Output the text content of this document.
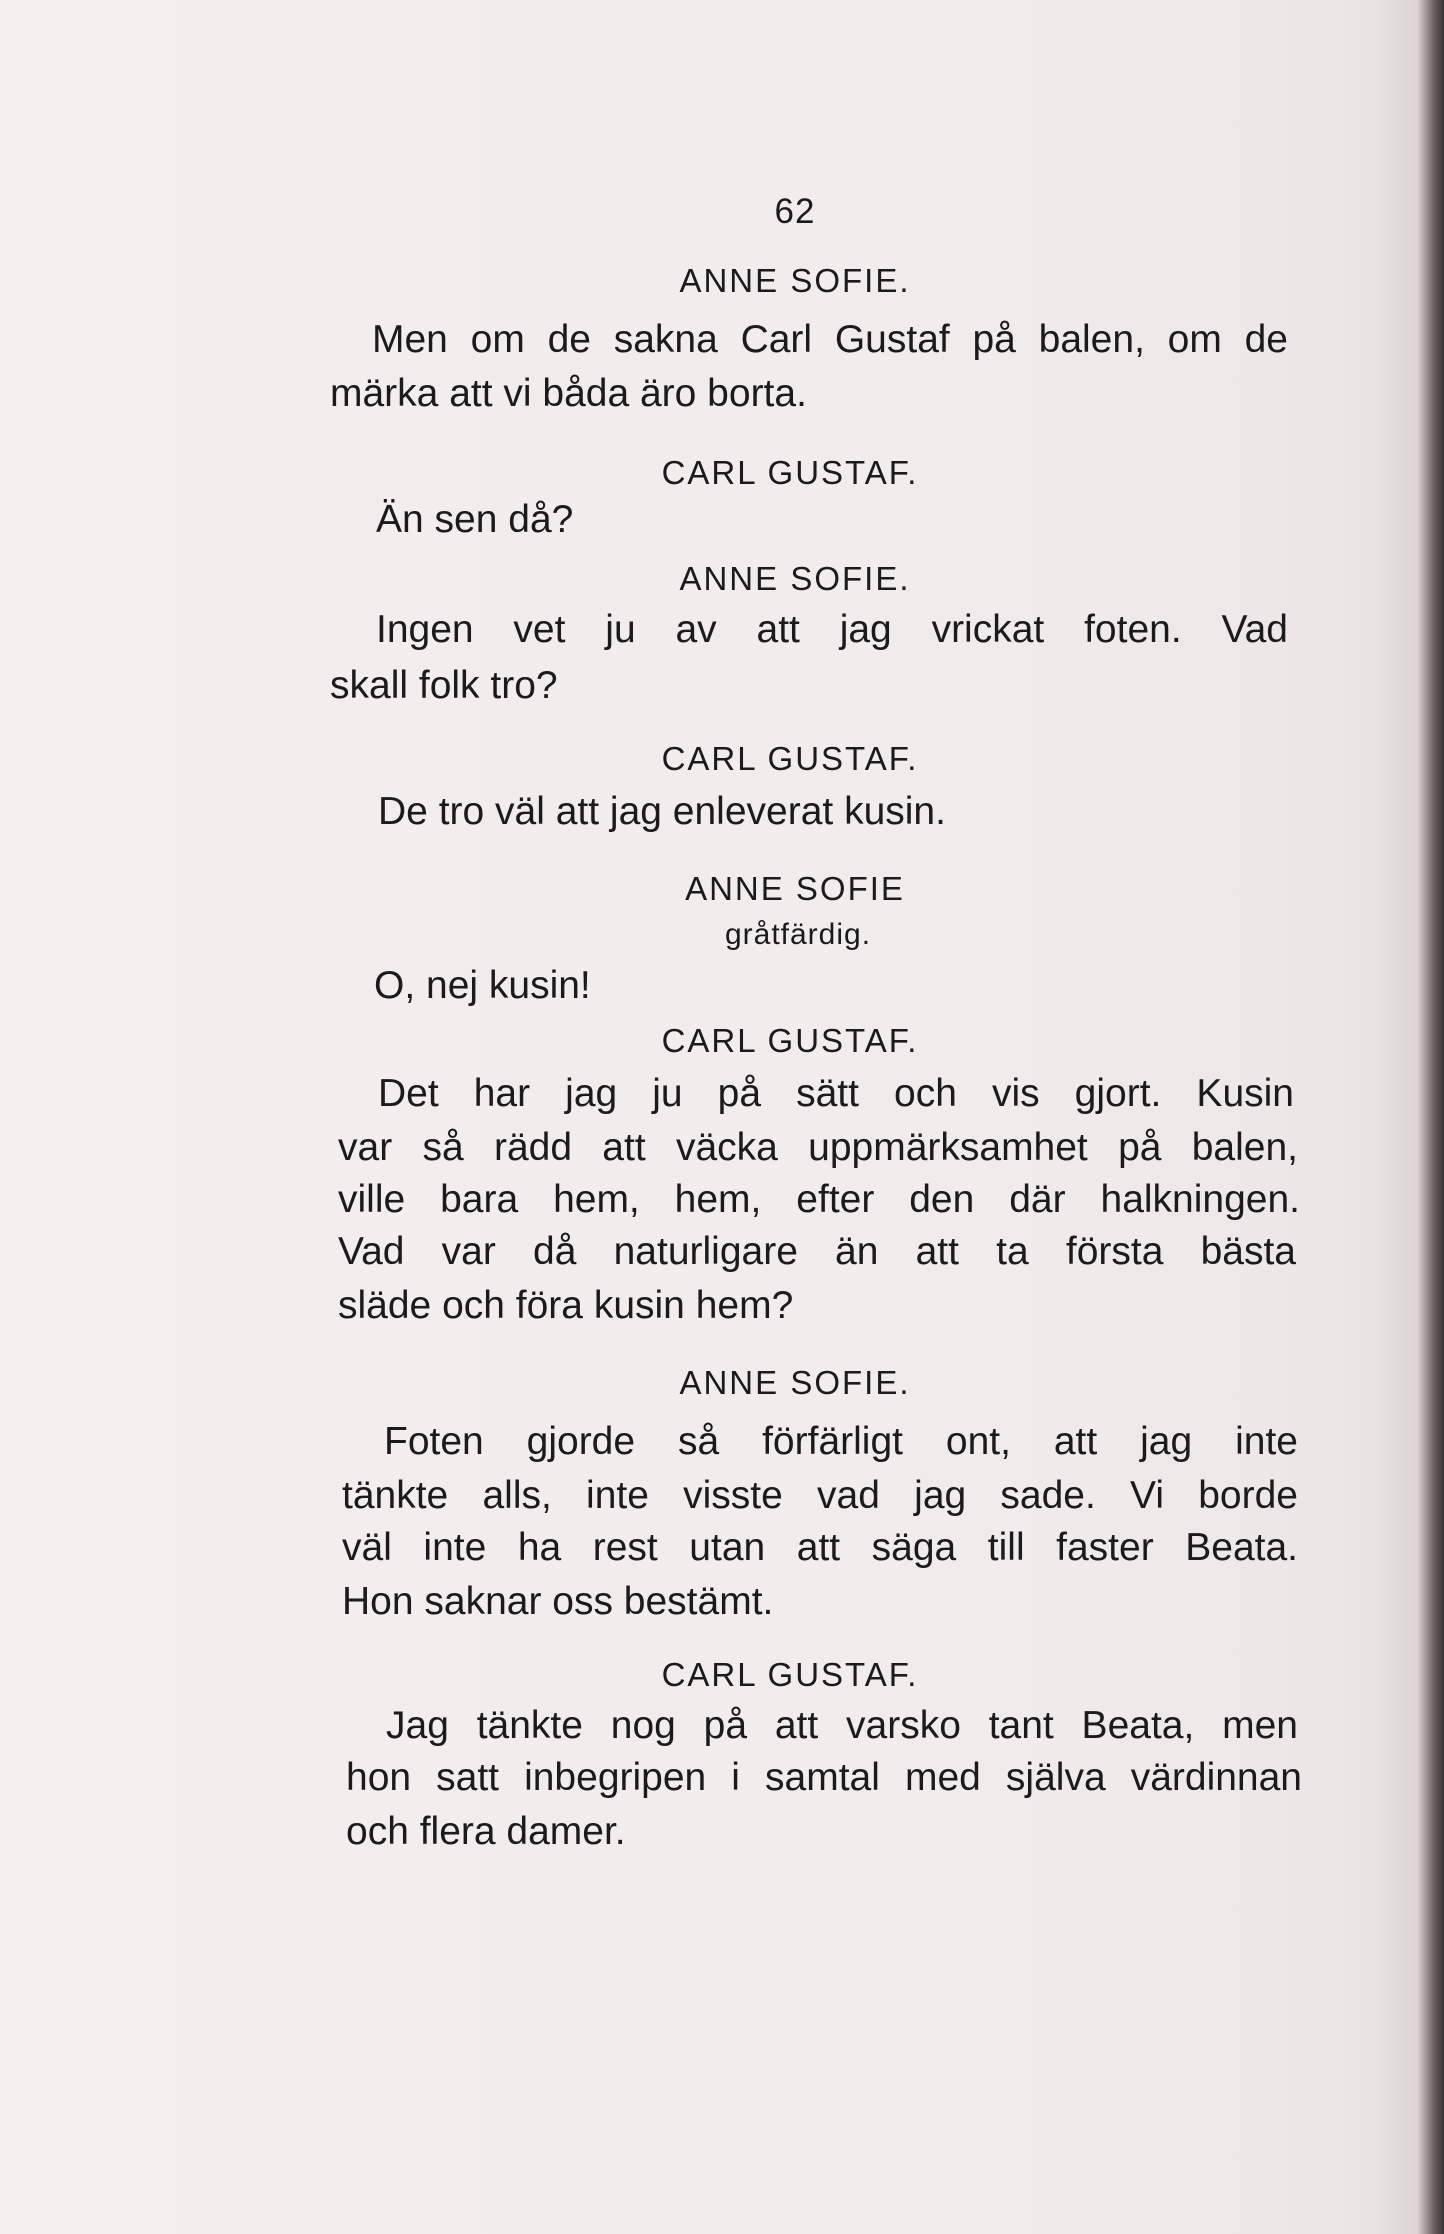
62
ANNE SOFIE.
Men om de sakna Carl Gustaf på balen, om de
märka att vi båda äro borta.
CARL GUSTAF.
Än sen då?
ANNE SOFIE.
Ingen vet ju av att jag vrickat foten. Vad
skall folk tro?
CARL GUSTAF.
De tro väl att jag enleverat kusin.
ANNE SOFIE
gråtfärdig.
O, nej kusin!
CARL GUSTAF.
Det har jag ju på sätt och vis gjort. Kusin
var så rädd att väcka uppmärksamhet på balen,
ville bara hem, hem, efter den där halkningen.
Vad var då naturligare än att ta första bästa
släde och föra kusin hem?
ANNE SOFIE.
Foten gjorde så förfärligt ont, att jag inte
tänkte alls, inte visste vad jag sade. Vi borde
väl inte ha rest utan att säga till faster Beata.
Hon saknar oss bestämt.
CARL GUSTAF.
Jag tänkte nog på att varsko tant Beata, men
hon satt inbegripen i samtal med själva värdinnan
och flera damer.
